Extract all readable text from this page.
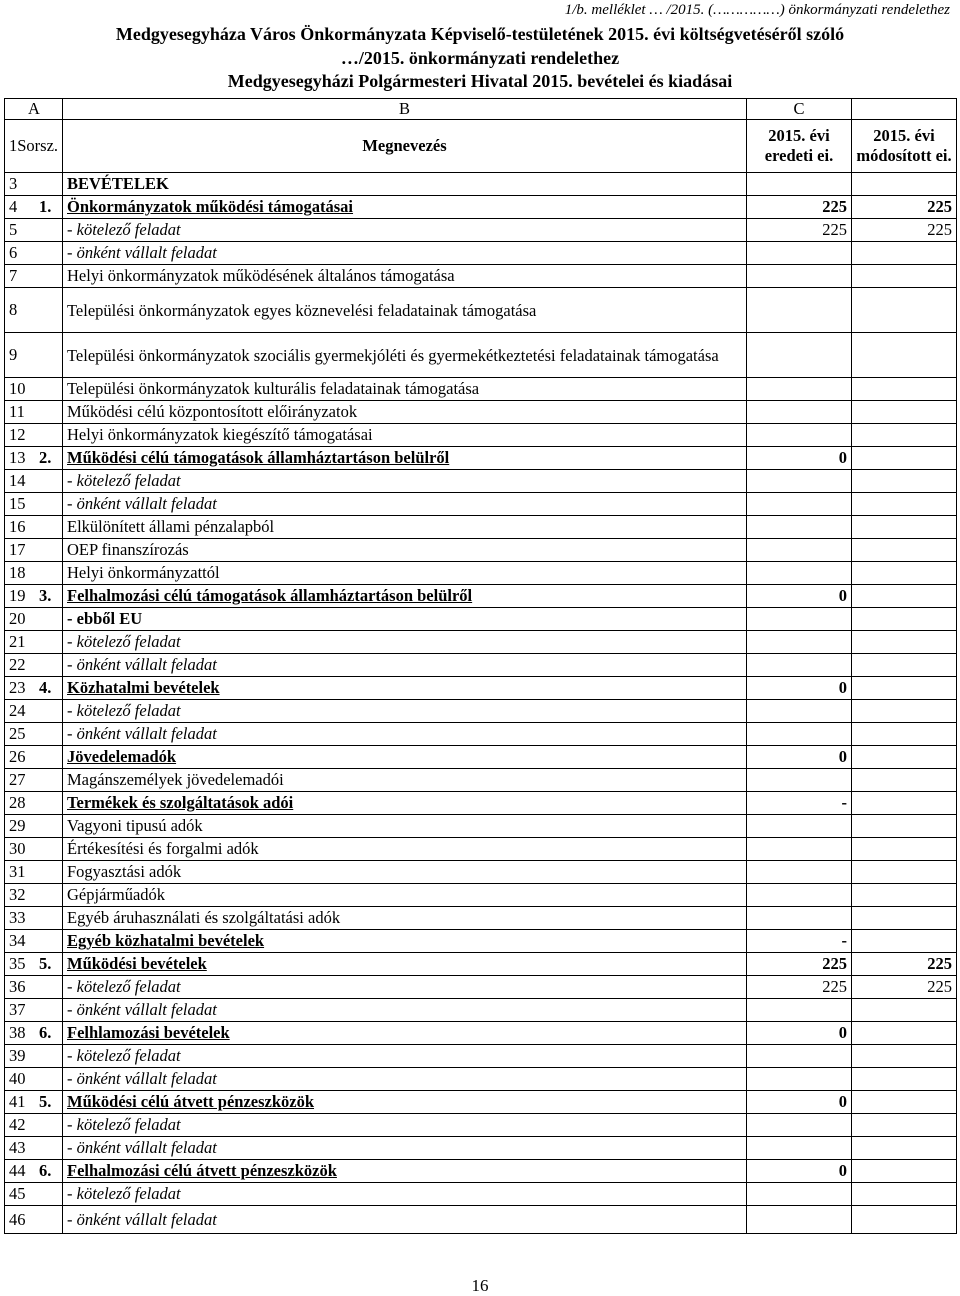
1/b. melléklet … /2015. (……………) önkormányzati rendelethez
Medgyesegyháza Város Önkormányzata Képviselő-testületének 2015. évi költségvetéséről szóló
…/2015. önkormányzati rendelethez
Medgyesegyházi Polgármesteri Hivatal 2015. bevételei és kiadásai
A	B	C	

1 Sorsz.	Megnevezés	2015. évi eredeti ei.	2015. évi módosított ei.

3	BEVÉTELEK		

4 1.	Önkormányzatok működési támogatásai	225	225

5	- kötelező feladat	225	225

6	- önként vállalt feladat		

7	Helyi önkormányzatok működésének általános támogatása		

8	Települési önkormányzatok egyes köznevelési feladatainak támogatása		

9	Települési önkormányzatok szociális gyermekjóléti és gyermekétkeztetési feladatainak támogatása		

10	Települési önkormányzatok kulturális feladatainak támogatása		

11	Működési célú központosított előirányzatok		

12	Helyi önkormányzatok kiegészítő támogatásai		

13 2.	Működési célú támogatások államháztartáson belülről	0	

14	- kötelező feladat		

15	- önként vállalt feladat		

16	Elkülönített állami pénzalapból		

17	OEP finanszírozás		

18	Helyi önkormányzattól		

19 3.	Felhalmozási célú támogatások államháztartáson belülről	0	

20	- ebből EU		

21	- kötelező feladat		

22	- önként vállalt feladat		

23 4.	Közhatalmi bevételek	0	

24	- kötelező feladat		

25	- önként vállalt feladat		

26	Jövedelemadók	0	

27	Magánszemélyek jövedelemadói		

28	Termékek és szolgáltatások adói	-	

29	Vagyoni tipusú adók		

30	Értékesítési és forgalmi adók		

31	Fogyasztási adók		

32	Gépjárműadók		

33	Egyéb áruhasználati és szolgáltatási adók		

34	Egyéb közhatalmi bevételek	-	

35 5.	Működési bevételek	225	225

36	- kötelező feladat	225	225

37	- önként vállalt feladat		

38 6.	Felhlamozási bevételek	0	

39	- kötelező feladat		

40	- önként vállalt feladat		

41 5.	Működési célú átvett pénzeszközök	0	

42	- kötelező feladat		

43	- önként vállalt feladat		

44 6.	Felhalmozási célú átvett pénzeszközök	0	

45	- kötelező feladat		

46	- önként vállalt feladat		
16
